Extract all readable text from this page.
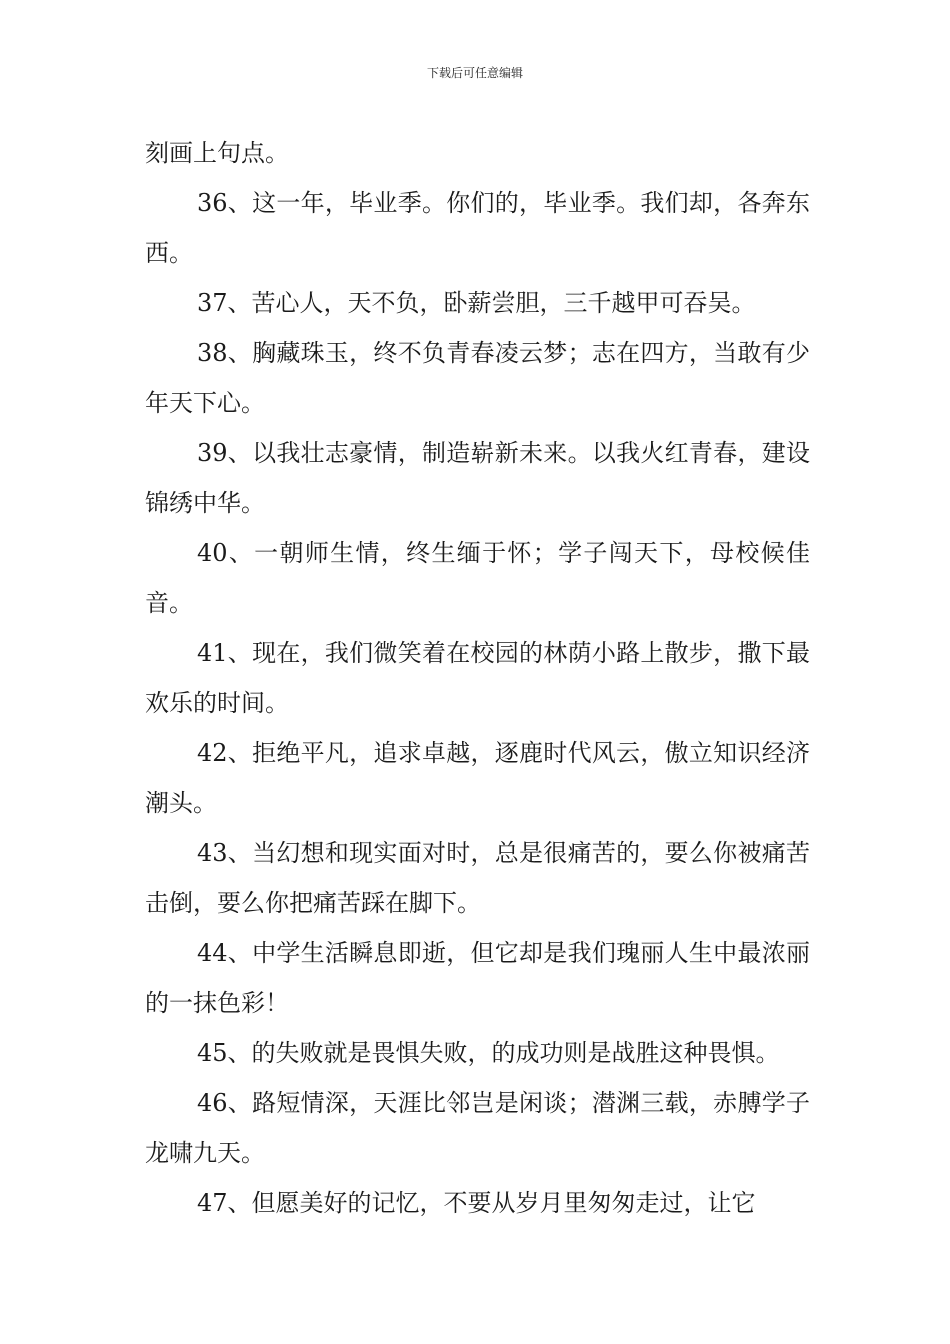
下载后可任意编辑

刻画上句点。

36、这一年，毕业季。你们的，毕业季。我们却，各奔东西。

37、苦心人，天不负，卧薪尝胆，三千越甲可吞吴。

38、胸藏珠玉，终不负青春凌云梦；志在四方，当敢有少年天下心。

39、以我壮志豪情，制造崭新未来。以我火红青春，建设锦绣中华。

40、一朝师生情，终生缅于怀；学子闯天下，母校候佳音。

41、现在，我们微笑着在校园的林荫小路上散步，撒下最欢乐的时间。

42、拒绝平凡，追求卓越，逐鹿时代风云，傲立知识经济潮头。

43、当幻想和现实面对时，总是很痛苦的，要么你被痛苦击倒，要么你把痛苦踩在脚下。

44、中学生活瞬息即逝，但它却是我们瑰丽人生中最浓丽的一抹色彩！

45、的失败就是畏惧失败，的成功则是战胜这种畏惧。

46、路短情深，天涯比邻岂是闲谈；潜渊三载，赤膊学子龙啸九天。

47、但愿美好的记忆，不要从岁月里匆匆走过，让它
